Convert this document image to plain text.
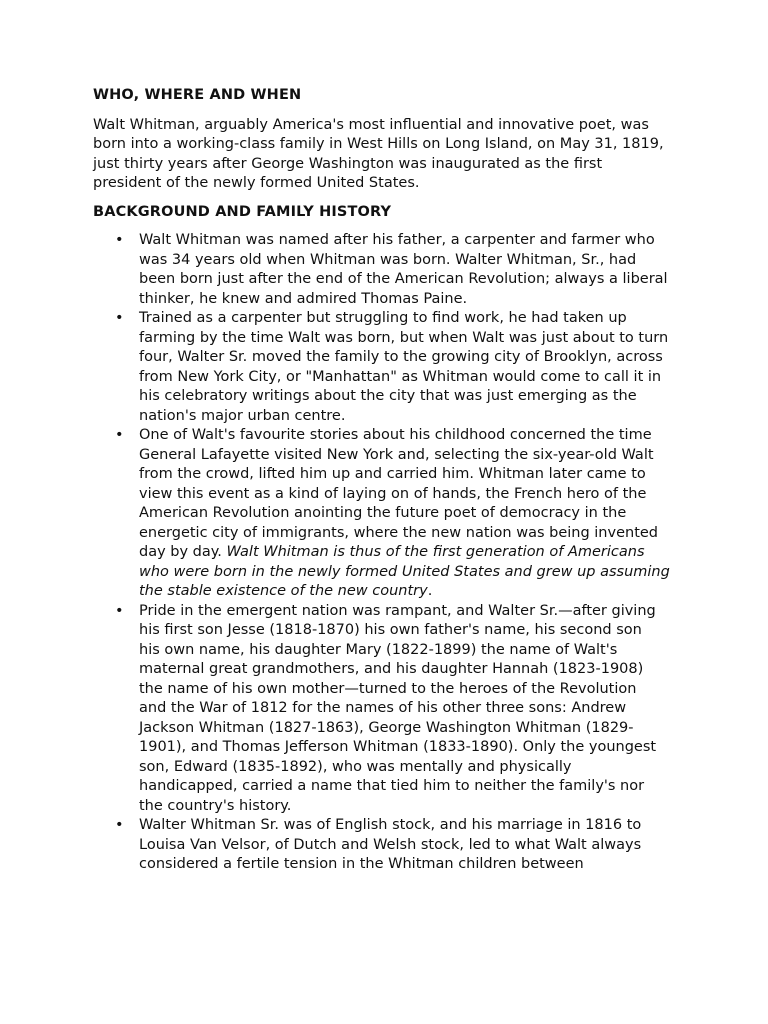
WHO, WHERE AND WHEN

Walt Whitman, arguably America's most influential and innovative poet, was born into a working-class family in West Hills on Long Island, on May 31, 1819, just thirty years after George Washington was inaugurated as the first president of the newly formed United States.

BACKGROUND AND FAMILY HISTORY
• Walt Whitman was named after his father, a carpenter and farmer who was 34 years old when Whitman was born. Walter Whitman, Sr., had been born just after the end of the American Revolution; always a liberal thinker, he knew and admired Thomas Paine.
• Trained as a carpenter but struggling to find work, he had taken up farming by the time Walt was born, but when Walt was just about to turn four, Walter Sr. moved the family to the growing city of Brooklyn, across from New York City, or "Manhattan" as Whitman would come to call it in his celebratory writings about the city that was just emerging as the nation's major urban centre.
• One of Walt's favourite stories about his childhood concerned the time General Lafayette visited New York and, selecting the six-year-old Walt from the crowd, lifted him up and carried him. Whitman later came to view this event as a kind of laying on of hands, the French hero of the American Revolution anointing the future poet of democracy in the energetic city of immigrants, where the new nation was being invented day by day. Walt Whitman is thus of the first generation of Americans who were born in the newly formed United States and grew up assuming the stable existence of the new country.
• Pride in the emergent nation was rampant, and Walter Sr.—after giving his first son Jesse (1818-1870) his own father's name, his second son his own name, his daughter Mary (1822-1899) the name of Walt's maternal great grandmothers, and his daughter Hannah (1823-1908) the name of his own mother—turned to the heroes of the Revolution and the War of 1812 for the names of his other three sons: Andrew Jackson Whitman (1827-1863), George Washington Whitman (1829-1901), and Thomas Jefferson Whitman (1833-1890). Only the youngest son, Edward (1835-1892), who was mentally and physically handicapped, carried a name that tied him to neither the family's nor the country's history.
• Walter Whitman Sr. was of English stock, and his marriage in 1816 to Louisa Van Velsor, of Dutch and Welsh stock, led to what Walt always considered a fertile tension in the Whitman children between
